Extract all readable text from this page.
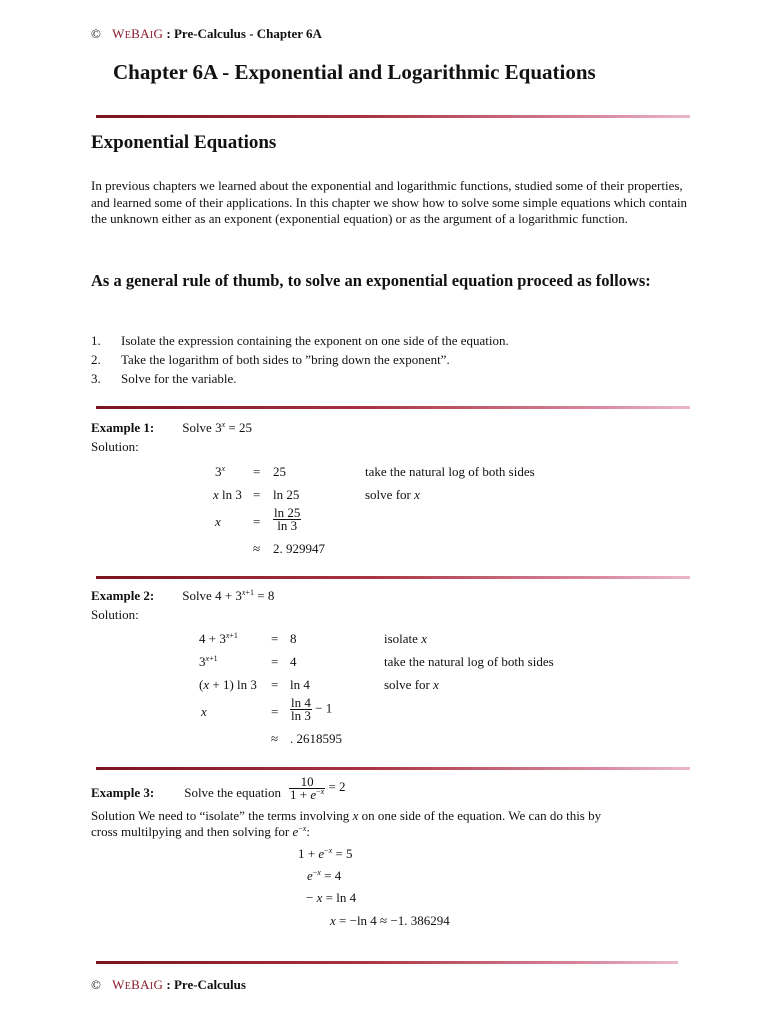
© WEBAIG : Pre-Calculus - Chapter 6A
Chapter 6A - Exponential and Logarithmic Equations
Exponential Equations
In previous chapters we learned about the exponential and logarithmic functions, studied some of their properties, and learned some of their applications. In this chapter we show how to solve some simple equations which contain the unknown either as an exponent (exponential equation) or as the argument of a logarithmic function.
As a general rule of thumb, to solve an exponential equation proceed as follows:
1. Isolate the expression containing the exponent on one side of the equation.
2. Take the logarithm of both sides to ”bring down the exponent”.
3. Solve for the variable.
Example 1: Solve $3^x = 25$
Solution:
$3^x = 25$	take the natural log of both sides
x ln 3 = ln 25	solve for x
$x = \frac{\ln 25}{\ln 3}$
≈ 2. 929947
Example 2: Solve $4 + 3^{x+1} = 8$
Solution:
$4 + 3^{x+1}$	= 8	isolate x
$3^{x+1}$	= 4	take the natural log of both sides
(x + 1) ln 3 = ln 4	solve for x
x	= $\frac{\ln 4}{\ln 3} - 1$
≈ . 2618595
$_{Example 3:}$ $_{Solve the equation} \frac{10}{1 + e^{-x}} = 2$
Solution We need to “isolate” the terms involving x on one side of the equation. We can do this by
cross multilpying and then solving for $e^{-x}$:
$1 + e^{-x} = 5$
$e^{-x} = 4$
− x = ln 4
x = −ln 4 ≈ −1. 386294
© WEBAIG : Pre-Calculus
